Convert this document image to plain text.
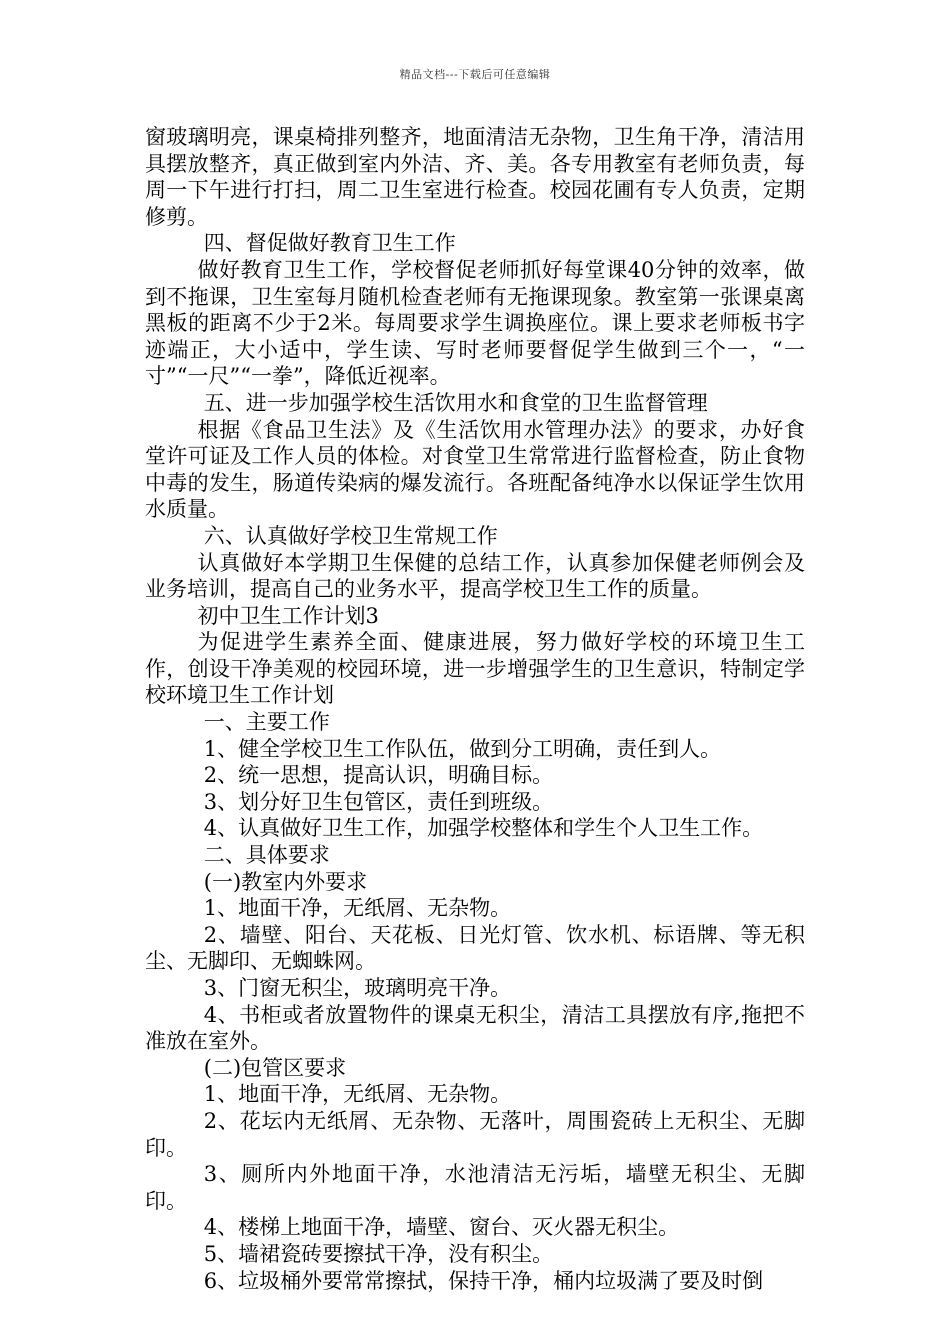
精品文档---下载后可任意编辑

窗玻璃明亮，课桌椅排列整齐，地面清洁无杂物，卫生角干净，清洁用具摆放整齐，真正做到室内外洁、齐、美。各专用教室有老师负责，每周一下午进行打扫，周二卫生室进行检查。校园花圃有专人负责，定期修剪。

四、督促做好教育卫生工作

做好教育卫生工作，学校督促老师抓好每堂课40分钟的效率，做到不拖课，卫生室每月随机检查老师有无拖课现象。教室第一张课桌离黑板的距离不少于2米。每周要求学生调换座位。课上要求老师板书字迹端正，大小适中，学生读、写时老师要督促学生做到三个一，“一寸”“一尺”“一拳”，降低近视率。

五、进一步加强学校生活饮用水和食堂的卫生监督管理

根据《食品卫生法》及《生活饮用水管理办法》的要求，办好食堂许可证及工作人员的体检。对食堂卫生常常进行监督检查，防止食物中毒的发生，肠道传染病的爆发流行。各班配备纯净水以保证学生饮用水质量。

六、认真做好学校卫生常规工作

认真做好本学期卫生保健的总结工作，认真参加保健老师例会及业务培训，提高自己的业务水平，提高学校卫生工作的质量。

初中卫生工作计划3

为促进学生素养全面、健康进展，努力做好学校的环境卫生工作，创设干净美观的校园环境，进一步增强学生的卫生意识，特制定学校环境卫生工作计划

一、主要工作

1、健全学校卫生工作队伍，做到分工明确，责任到人。

2、统一思想，提高认识，明确目标。

3、划分好卫生包管区，责任到班级。

4、认真做好卫生工作，加强学校整体和学生个人卫生工作。

二、具体要求

(一)教室内外要求

1、地面干净，无纸屑、无杂物。

2、墙壁、阳台、天花板、日光灯管、饮水机、标语牌、等无积尘、无脚印、无蜘蛛网。

3、门窗无积尘，玻璃明亮干净。

4、书柜或者放置物件的课桌无积尘，清洁工具摆放有序,拖把不准放在室外。

(二)包管区要求

1、地面干净，无纸屑、无杂物。

2、花坛内无纸屑、无杂物、无落叶，周围瓷砖上无积尘、无脚印。

3、厕所内外地面干净，水池清洁无污垢，墙壁无积尘、无脚印。

4、楼梯上地面干净，墙壁、窗台、灭火器无积尘。

5、墙裙瓷砖要擦拭干净，没有积尘。

6、垃圾桶外要常常擦拭，保持干净，桶内垃圾满了要及时倒
